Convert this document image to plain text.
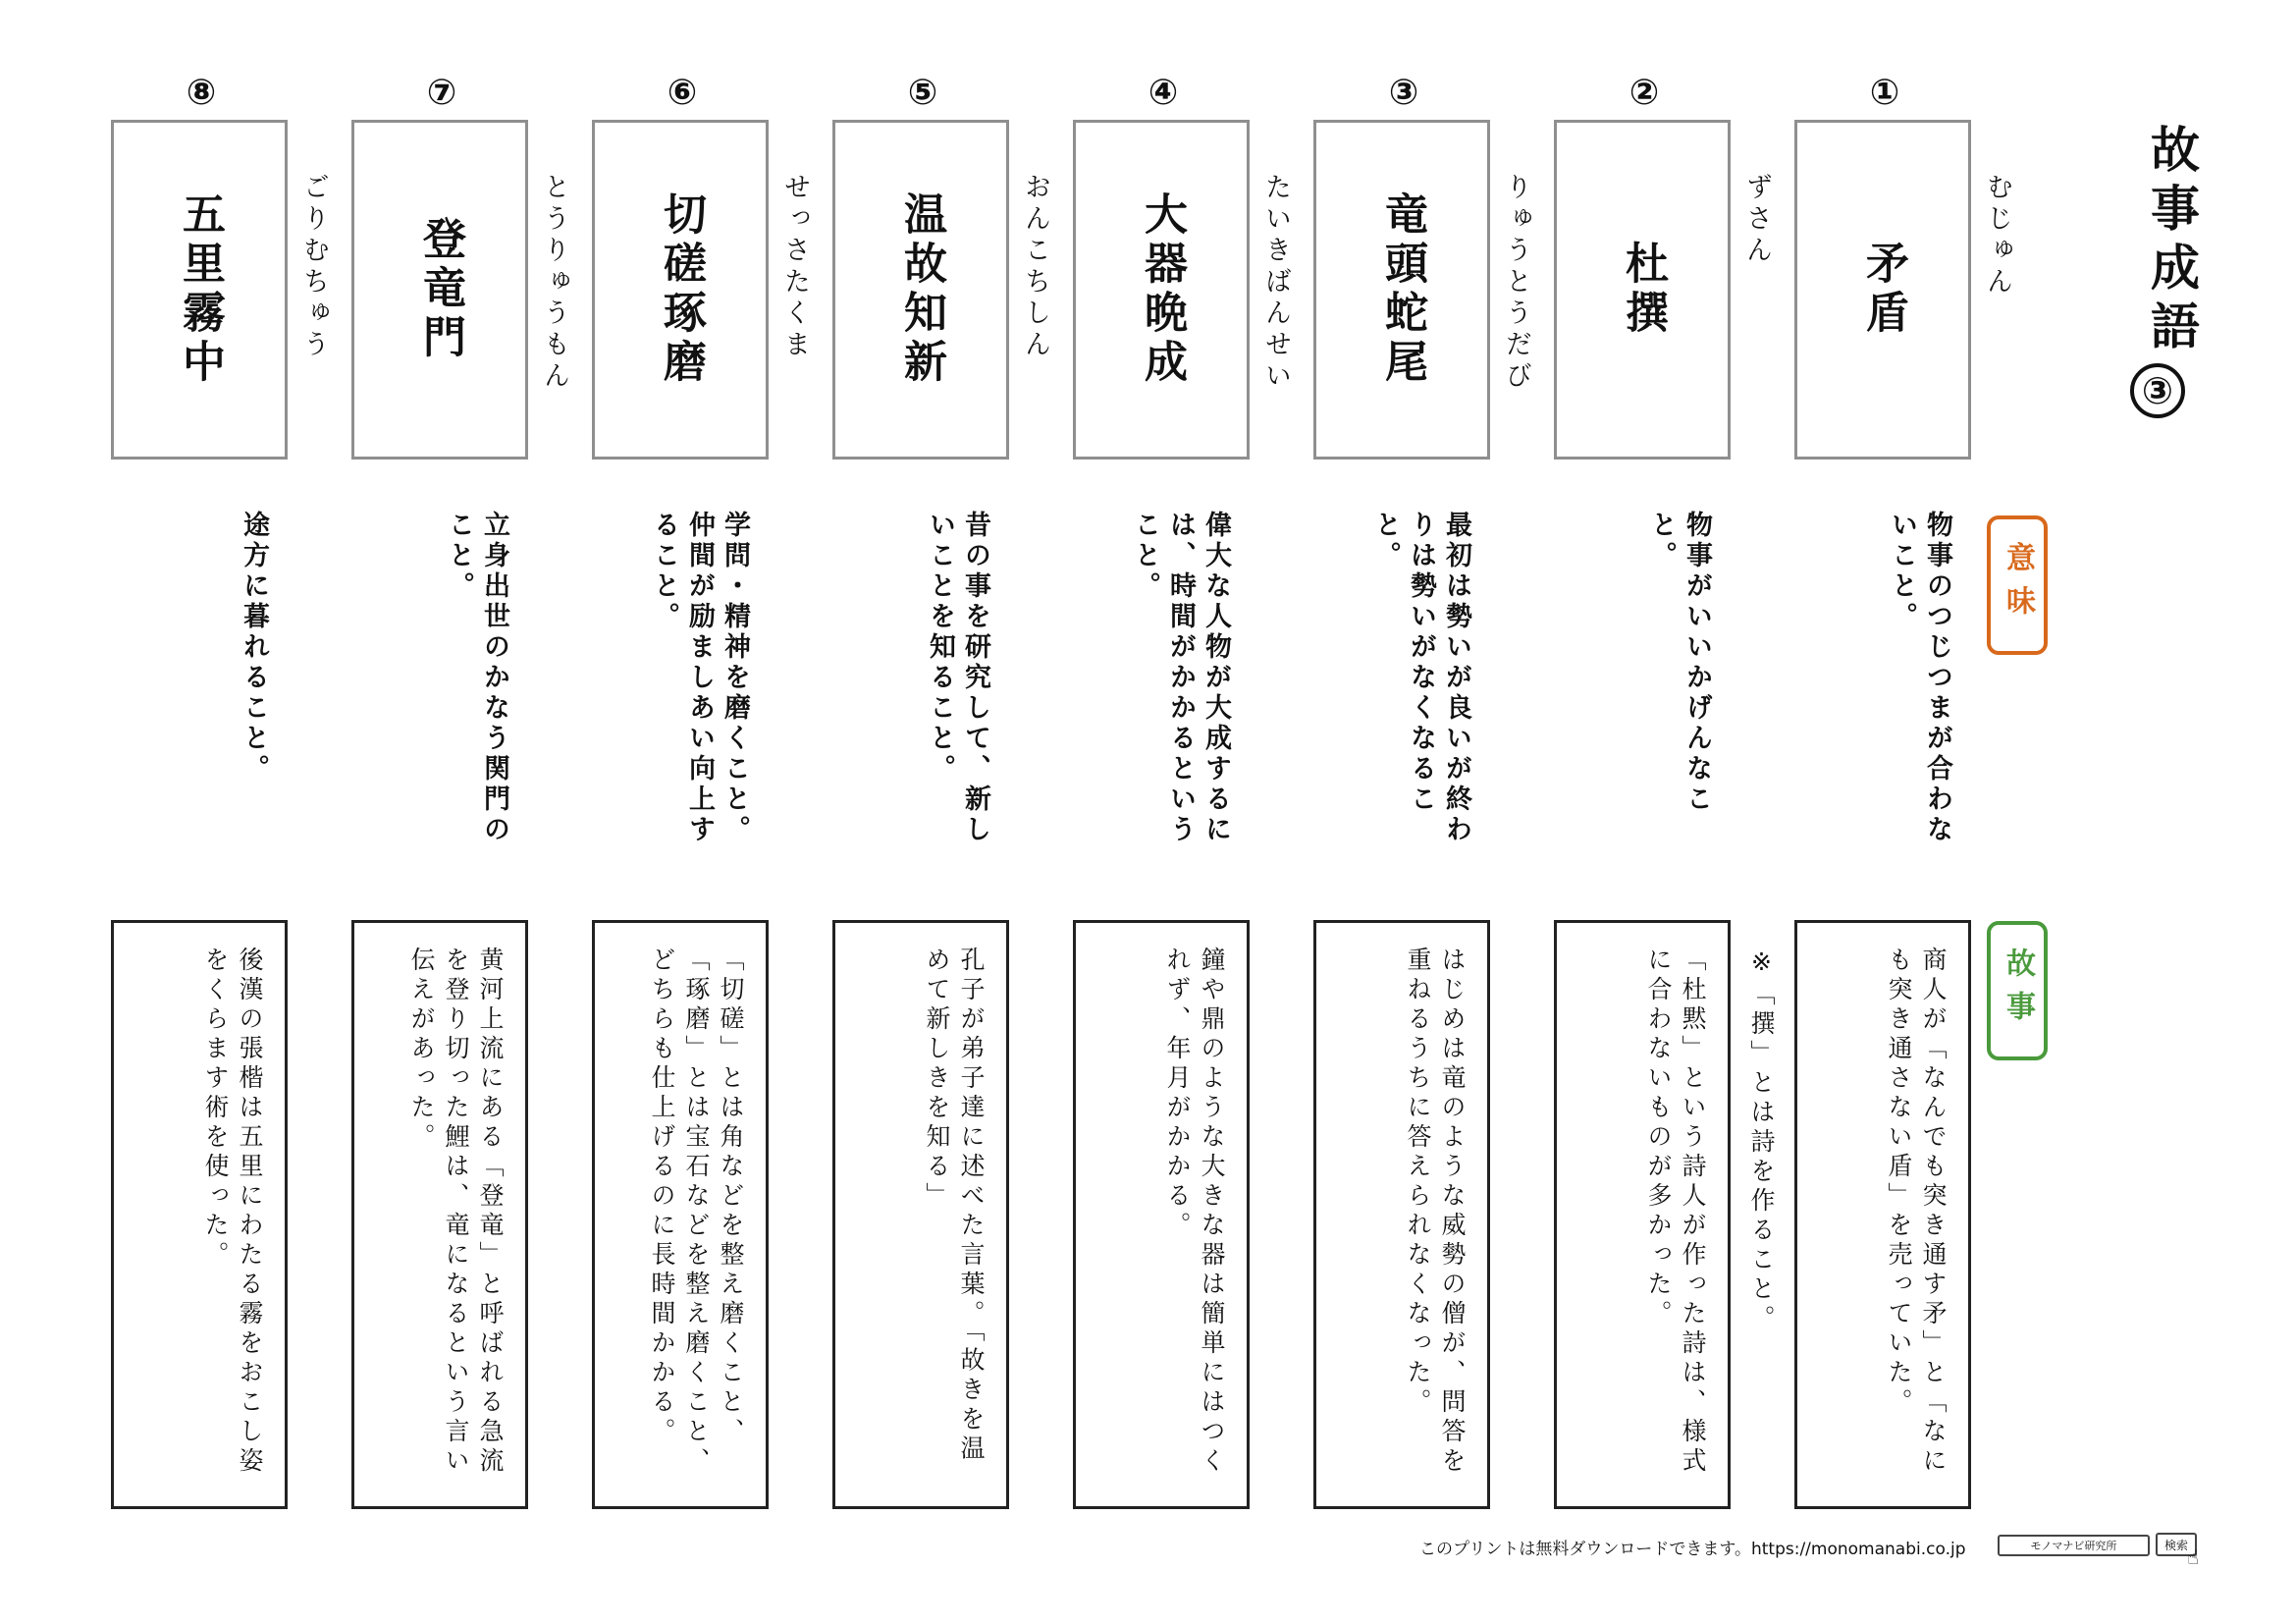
⑧
五里霧中	ごりむちゅう
途方に暮れること。
後漢の張楷は五里にわたる霧をおこし姿をくらます術を使った。
⑦
登竜門	とうりゅうもん
立身出世のかなう関門のこと。
黄河上流にある「登竜」と呼ばれる急流を登り切った鯉は、竜になるという言い伝えがあった。
⑥
切磋琢磨	せっさたくま
学問・精神を磨くこと。仲間が励ましあい向上すること。
「切磋」とは角などを整え磨くこと、「琢磨」とは宝石などを整え磨くこと、どちらも仕上げるのに長時間かかる。
⑤
温故知新	おんこちしん
昔の事を研究して、新しいことを知ること。
孔子が弟子達に述べた言葉。「故きを温めて新しきを知る」
④
大器晩成	たいきばんせい
偉大な人物が大成するには、時間がかかるということ。
鐘や鼎のような大きな器は簡単にはつくれず、年月がかかる。
③
竜頭蛇尾	りゅうとうだび
最初は勢いが良いが終わりは勢いがなくなること。
はじめは竜のような威勢の僧が、問答を重ねるうちに答えられなくなった。
②
杜撰
ずさん
物事がいいかげんなこと。
「杜黙」という詩人が作った詩は、様式に合わないものが多かった。
①
矛盾	むじゅん
物事のつじつまが合わないこと。
商人が「なんでも突き通す矛」と「なにも突き通さない盾」を売っていた。
※「撰」とは詩を作ること。
故事成語
③
意味
故事
このプリントは無料ダウンロードできます。https://monomanabi.co.jp	モノマナビ研究所	検索
☝
